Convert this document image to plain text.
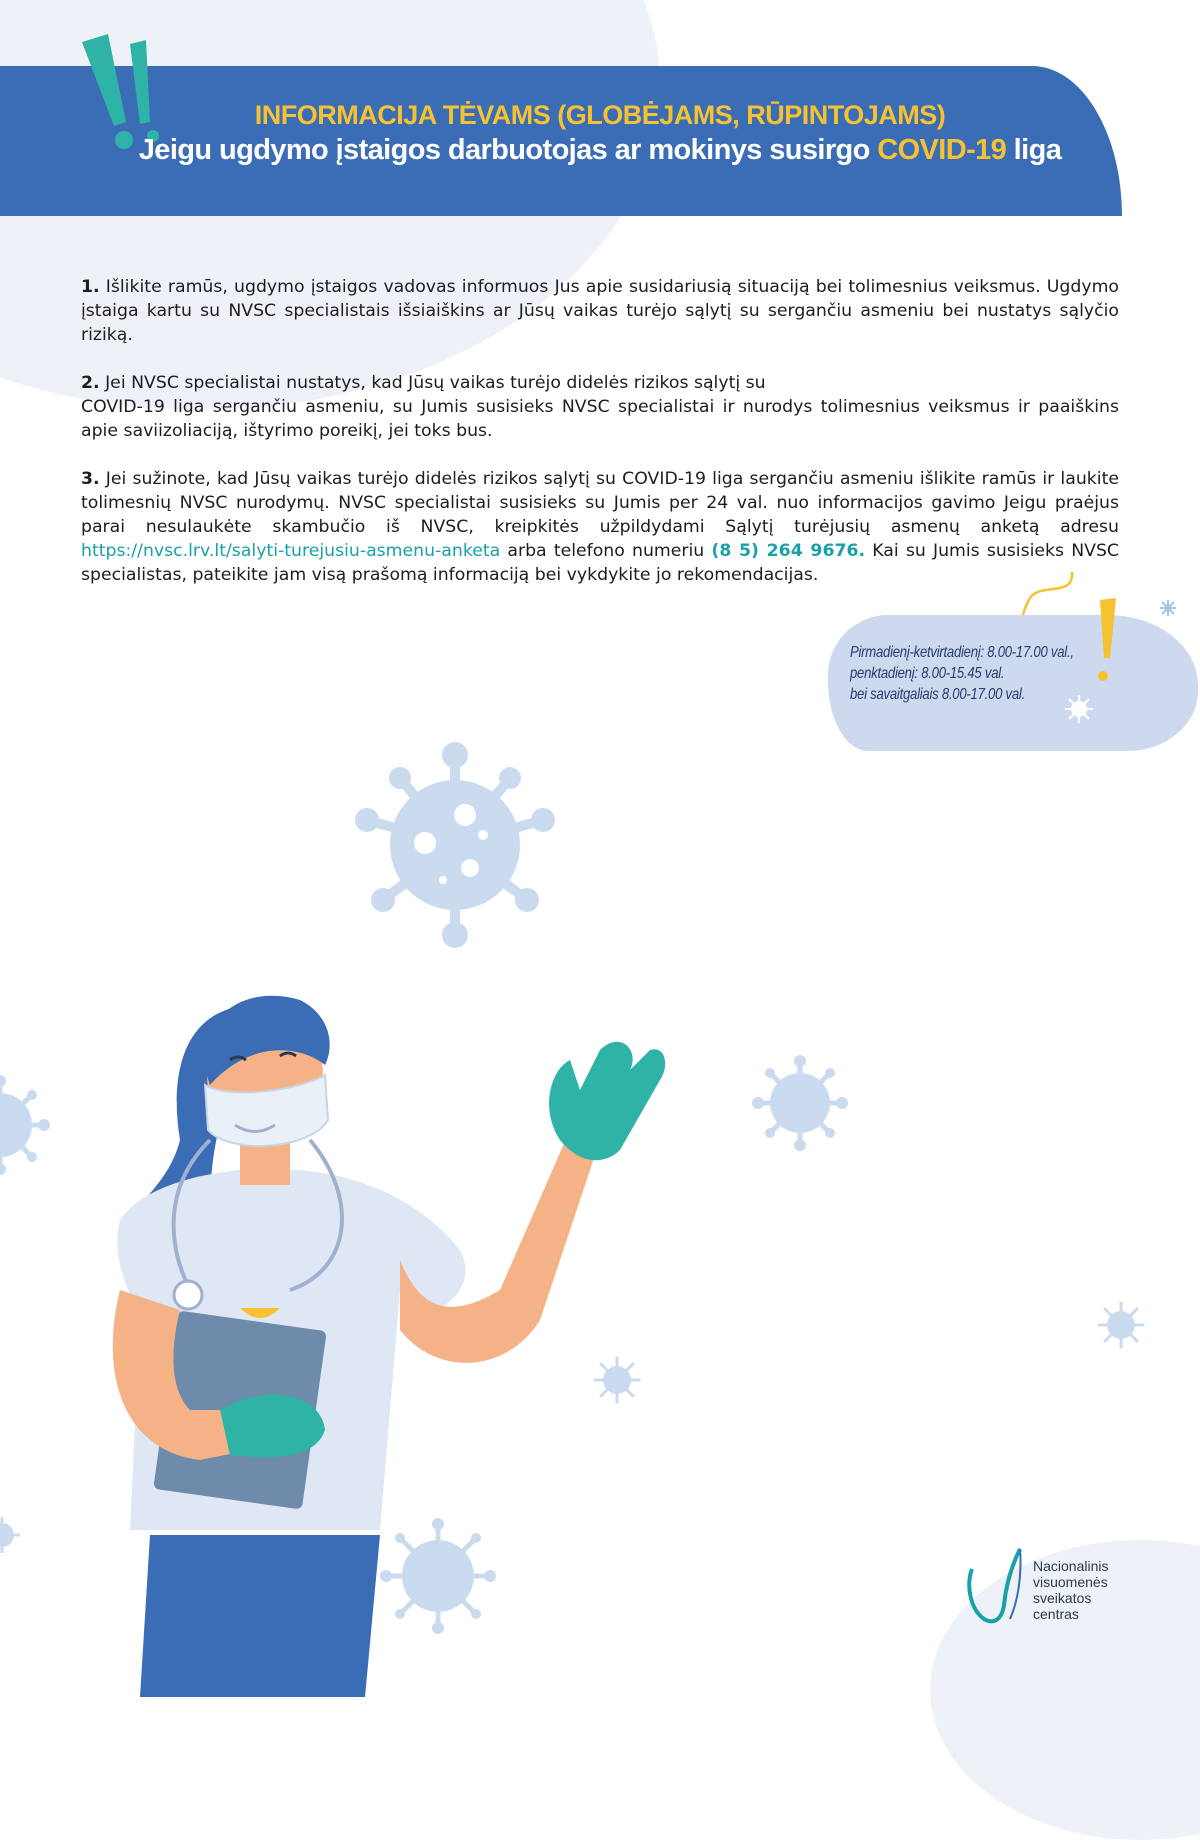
INFORMACIJA TĖVAMS (GLOBĖJAMS, RŪPINTOJAMS)
Jeigu ugdymo įstaigos darbuotojas ar mokinys susirgo COVID-19 liga

1. Išlikite ramūs, ugdymo įstaigos vadovas informuos Jus apie susidariusią situaciją bei tolimesnius veiksmus. Ugdymo įstaiga kartu su NVSC specialistais išsiaiškins ar Jūsų vaikas turėjo sąlytį su sergančiu asmeniu bei nustatys sąlyčio riziką.

2. Jei NVSC specialistai nustatys, kad Jūsų vaikas turėjo didelės rizikos sąlytį su
COVID-19 liga sergančiu asmeniu, su Jumis susisieks NVSC specialistai ir nurodys tolimesnius veiksmus ir paaiškins apie saviizoliaciją, ištyrimo poreikį, jei toks bus.

3. Jei sužinote, kad Jūsų vaikas turėjo didelės rizikos sąlytį su COVID-19 liga sergančiu asmeniu išlikite ramūs ir laukite tolimesnių NVSC nurodymų. NVSC specialistai susisieks su Jumis per 24 val. nuo informacijos gavimo Jeigu praėjus parai nesulaukėte skambučio iš NVSC, kreipkitės užpildydami Sąlytį turėjusių asmenų anketą adresu https://nvsc.lrv.lt/salyti-turejusiu-asmenu-anketa arba telefono numeriu (8 5) 264 9676. Kai su Jumis susisieks NVSC specialistas, pateikite jam visą prašomą informaciją bei vykdykite jo rekomendacijas.

Pirmadienį-ketvirtadienį: 8.00-17.00 val.,
penktadienį: 8.00-15.45 val.
bei savaitgaliais 8.00-17.00 val.
Nacionalinis
visuomenės
sveikatos
centras
